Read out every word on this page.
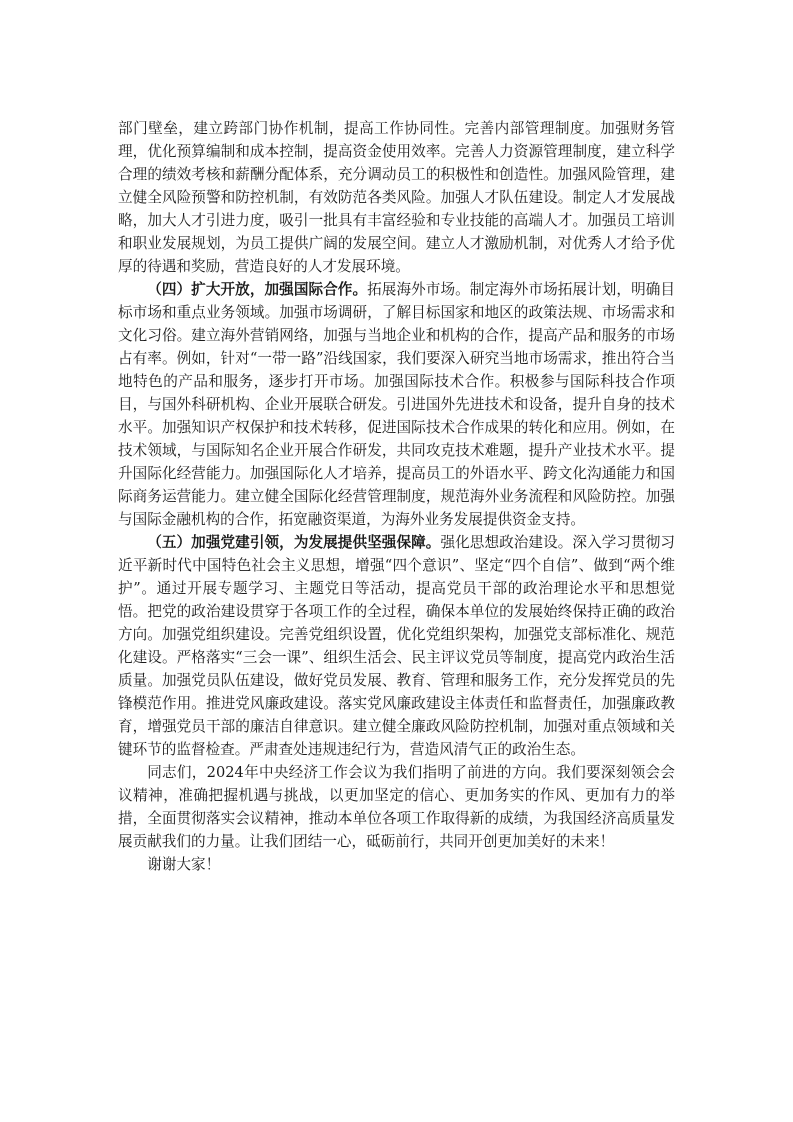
部门壁垒，建立跨部门协作机制，提高工作协同性。完善内部管理制度。加强财务管理，优化预算编制和成本控制，提高资金使用效率。完善人力资源管理制度，建立科学合理的绩效考核和薪酬分配体系，充分调动员工的积极性和创造性。加强风险管理，建立健全风险预警和防控机制，有效防范各类风险。加强人才队伍建设。制定人才发展战略，加大人才引进力度，吸引一批具有丰富经验和专业技能的高端人才。加强员工培训和职业发展规划，为员工提供广阔的发展空间。建立人才激励机制，对优秀人才给予优厚的待遇和奖励，营造良好的人才发展环境。

（四）扩大开放，加强国际合作。拓展海外市场。制定海外市场拓展计划，明确目标市场和重点业务领域。加强市场调研，了解目标国家和地区的政策法规、市场需求和文化习俗。建立海外营销网络，加强与当地企业和机构的合作，提高产品和服务的市场占有率。例如，针对“一带一路”沿线国家，我们要深入研究当地市场需求，推出符合当地特色的产品和服务，逐步打开市场。加强国际技术合作。积极参与国际科技合作项目，与国外科研机构、企业开展联合研发。引进国外先进技术和设备，提升自身的技术水平。加强知识产权保护和技术转移，促进国际技术合作成果的转化和应用。例如，在技术领域，与国际知名企业开展合作研发，共同攻克技术难题，提升产业技术水平。提升国际化经营能力。加强国际化人才培养，提高员工的外语水平、跨文化沟通能力和国际商务运营能力。建立健全国际化经营管理制度，规范海外业务流程和风险防控。加强与国际金融机构的合作，拓宽融资渠道，为海外业务发展提供资金支持。

（五）加强党建引领，为发展提供坚强保障。强化思想政治建设。深入学习贯彻习近平新时代中国特色社会主义思想，增强“四个意识”、坚定“四个自信”、做到“两个维护”。通过开展专题学习、主题党日等活动，提高党员干部的政治理论水平和思想觉悟。把党的政治建设贯穿于各项工作的全过程，确保本单位的发展始终保持正确的政治方向。加强党组织建设。完善党组织设置，优化党组织架构，加强党支部标准化、规范化建设。严格落实“三会一课”、组织生活会、民主评议党员等制度，提高党内政治生活质量。加强党员队伍建设，做好党员发展、教育、管理和服务工作，充分发挥党员的先锋模范作用。推进党风廉政建设。落实党风廉政建设主体责任和监督责任，加强廉政教育，增强党员干部的廉洁自律意识。建立健全廉政风险防控机制，加强对重点领域和关键环节的监督检查。严肃查处违规违纪行为，营造风清气正的政治生态。

同志们，2024年中央经济工作会议为我们指明了前进的方向。我们要深刻领会会议精神，准确把握机遇与挑战，以更加坚定的信心、更加务实的作风、更加有力的举措，全面贯彻落实会议精神，推动本单位各项工作取得新的成绩，为我国经济高质量发展贡献我们的力量。让我们团结一心，砥砺前行，共同开创更加美好的未来！

谢谢大家！
